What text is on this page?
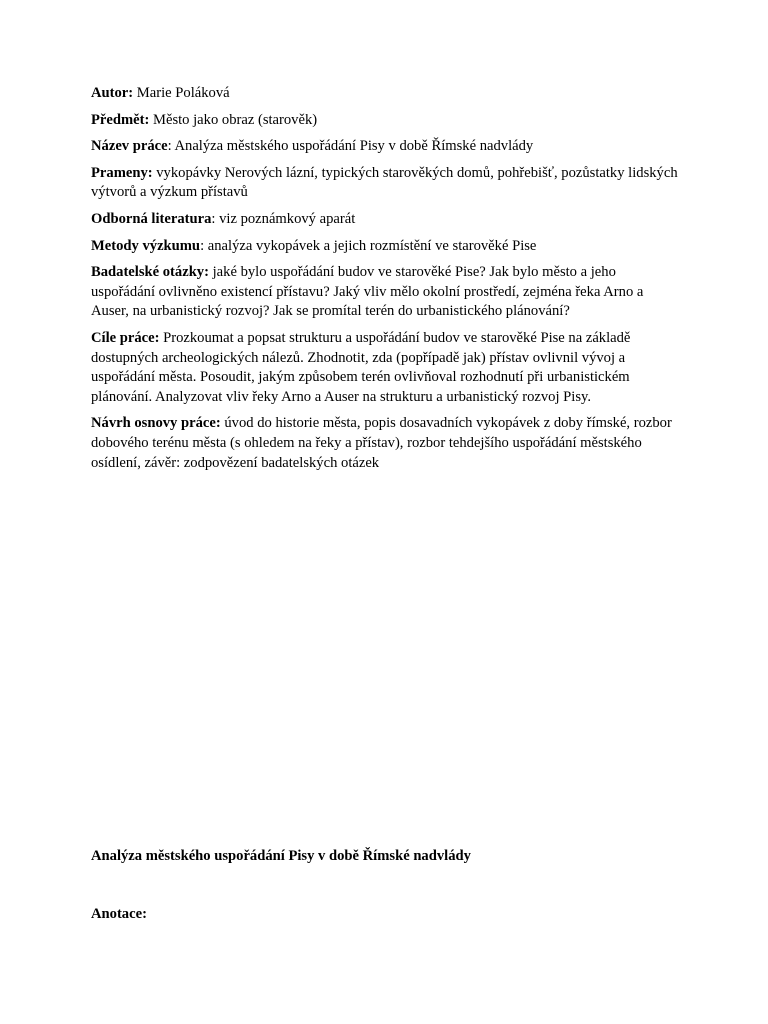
Autor: Marie Poláková

Předmět: Město jako obraz (starověk)

Název práce: Analýza městského uspořádání Pisy v době Římské nadvlády

Prameny: vykopávky Nerových lázní, typických starověkých domů, pohřebišť, pozůstatky lidských výtvorů a výzkum přístavů

Odborná literatura: viz poznámkový aparát

Metody výzkumu: analýza vykopávek a jejich rozmístění ve starověké Pise

Badatelské otázky: jaké bylo uspořádání budov ve starověké Pise? Jak bylo město a jeho uspořádání ovlivněno existencí přístavu? Jaký vliv mělo okolní prostředí, zejména řeka Arno a Auser, na urbanistický rozvoj? Jak se promítal terén do urbanistického plánování?

Cíle práce: Prozkoumat a popsat strukturu a uspořádání budov ve starověké Pise na základě dostupných archeologických nálezů. Zhodnotit, zda (popřípadě jak) přístav ovlivnil vývoj a uspořádání města. Posoudit, jakým způsobem terén ovlivňoval rozhodnutí při urbanistickém plánování. Analyzovat vliv řeky Arno a Auser na strukturu a urbanistický rozvoj Pisy.

Návrh osnovy práce: úvod do historie města, popis dosavadních vykopávek z doby římské, rozbor dobového terénu města (s ohledem na řeky a přístav), rozbor tehdejšího uspořádání městského osídlení, závěr: zodpovězení badatelských otázek

Analýza městského uspořádání Pisy v době Římské nadvlády

Anotace:
